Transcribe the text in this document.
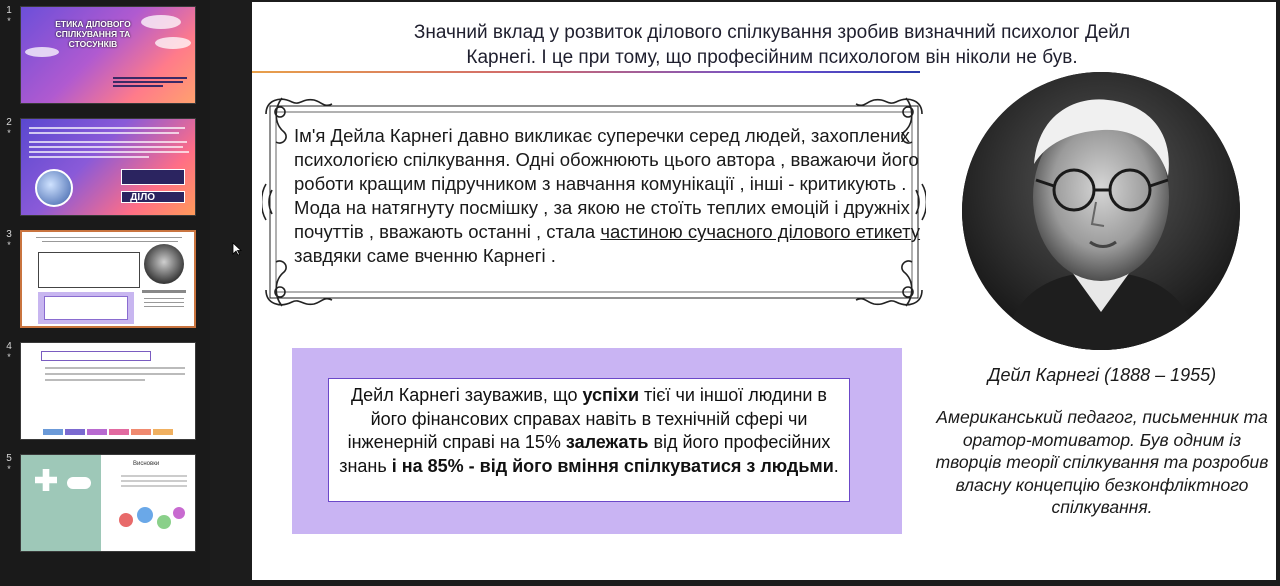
1
*	ЕТИКА ДІЛОВОГО СПІЛКУВАННЯ ТА СТОСУНКІВ
2
*
ДІЛО
3
*
4
*
5
*	Висновки
Значний вклад у розвиток ділового спілкування зробив визначний психолог Дейл
Карнегі. І це при тому, що професійним психологом він ніколи не був.
Ім'я Дейла Карнегі давно викликає суперечки серед людей, захоплених психологією спілкування. Одні обожнюють цього автора , вважаючи його роботи кращим підручником з навчання комунікації , інші - критикують . Мода на натягнуту посмішку , за якою не стоїть теплих емоцій і дружніх почуттів , вважають останні , стала частиною сучасного ділового етикету завдяки саме вченню Карнегі .
Дейл Карнегі зауважив, що успіхи тієї чи іншої людини в його фінансових справах навіть в технічній сфері чи інженерній справі на 15% залежать від його професійних знань і на 85% - від його вміння спілкуватися з людьми.
Дейл Карнегі (1888 – 1955)
Американський педагог, письменник та оратор-мотиватор. Був одним із творців теорії спілкування та розробив власну концепцію безконфліктного спілкування.
